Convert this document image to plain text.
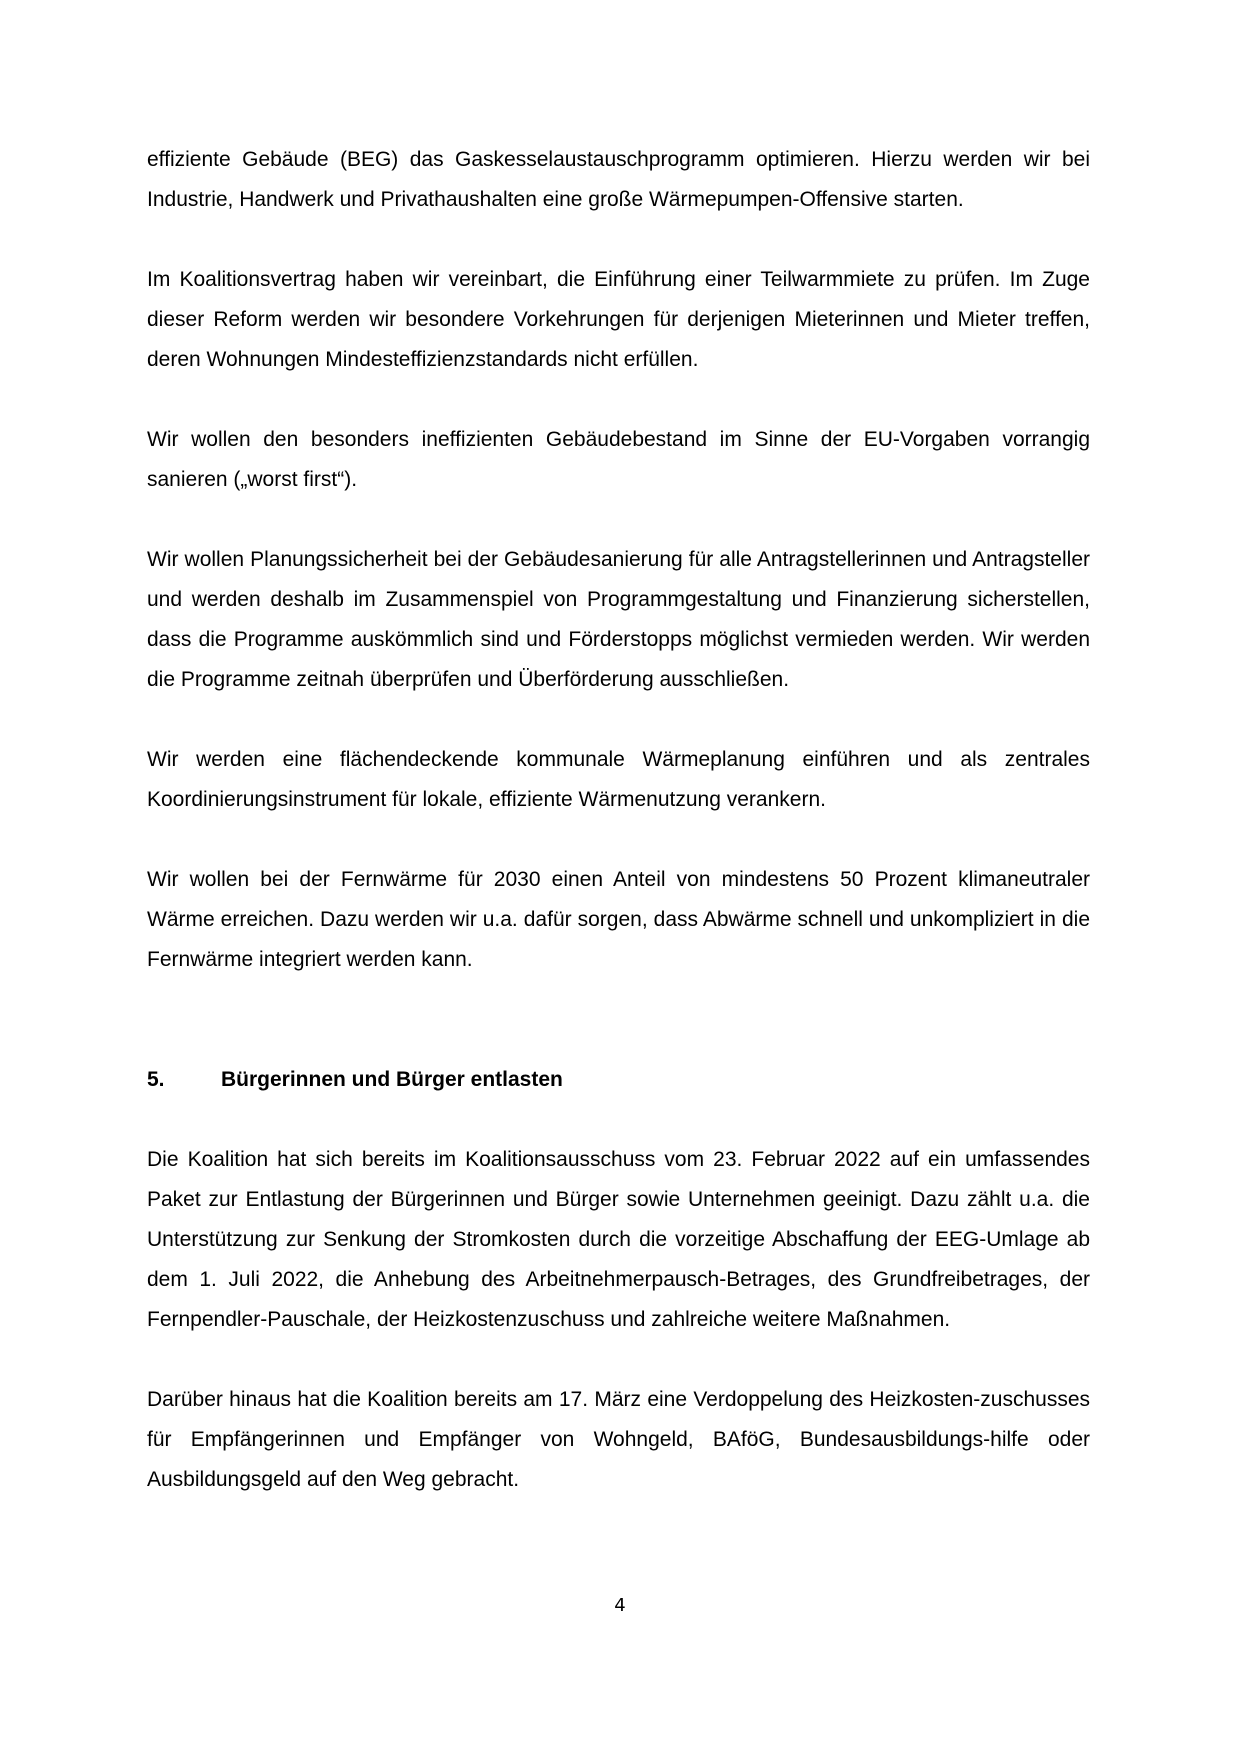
effiziente Gebäude (BEG) das Gaskesselaustauschprogramm optimieren. Hierzu werden wir bei Industrie, Handwerk und Privathaushalten eine große Wärmepumpen-Offensive starten.

Im Koalitionsvertrag haben wir vereinbart, die Einführung einer Teilwarmmiete zu prüfen. Im Zuge dieser Reform werden wir besondere Vorkehrungen für derjenigen Mieterinnen und Mieter treffen, deren Wohnungen Mindesteffizienzstandards nicht erfüllen.

Wir wollen den besonders ineffizienten Gebäudebestand im Sinne der EU-Vorgaben vorrangig sanieren („worst first“).

Wir wollen Planungssicherheit bei der Gebäudesanierung für alle Antragstellerinnen und Antragsteller und werden deshalb im Zusammenspiel von Programmgestaltung und Finanzierung sicherstellen, dass die Programme auskömmlich sind und Förderstopps möglichst vermieden werden. Wir werden die Programme zeitnah überprüfen und Überförderung ausschließen.

Wir werden eine flächendeckende kommunale Wärmeplanung einführen und als zentrales Koordinierungsinstrument für lokale, effiziente Wärmenutzung verankern.

Wir wollen bei der Fernwärme für 2030 einen Anteil von mindestens 50 Prozent klimaneutraler Wärme erreichen. Dazu werden wir u.a. dafür sorgen, dass Abwärme schnell und unkompliziert in die Fernwärme integriert werden kann.

5.	Bürgerinnen und Bürger entlasten

Die Koalition hat sich bereits im Koalitionsausschuss vom 23. Februar 2022 auf ein umfassendes Paket zur Entlastung der Bürgerinnen und Bürger sowie Unternehmen geeinigt. Dazu zählt u.a. die Unterstützung zur Senkung der Stromkosten durch die vorzeitige Abschaffung der EEG-Umlage ab dem 1. Juli 2022, die Anhebung des Arbeitnehmerpausch-Betrages, des Grundfreibetrages, der Fernpendler-Pauschale, der Heizkostenzuschuss und zahlreiche weitere Maßnahmen.

Darüber hinaus hat die Koalition bereits am 17. März eine Verdoppelung des Heizkosten-zuschusses für Empfängerinnen und Empfänger von Wohngeld, BAföG, Bundesausbildungs-hilfe oder Ausbildungsgeld auf den Weg gebracht.

4
